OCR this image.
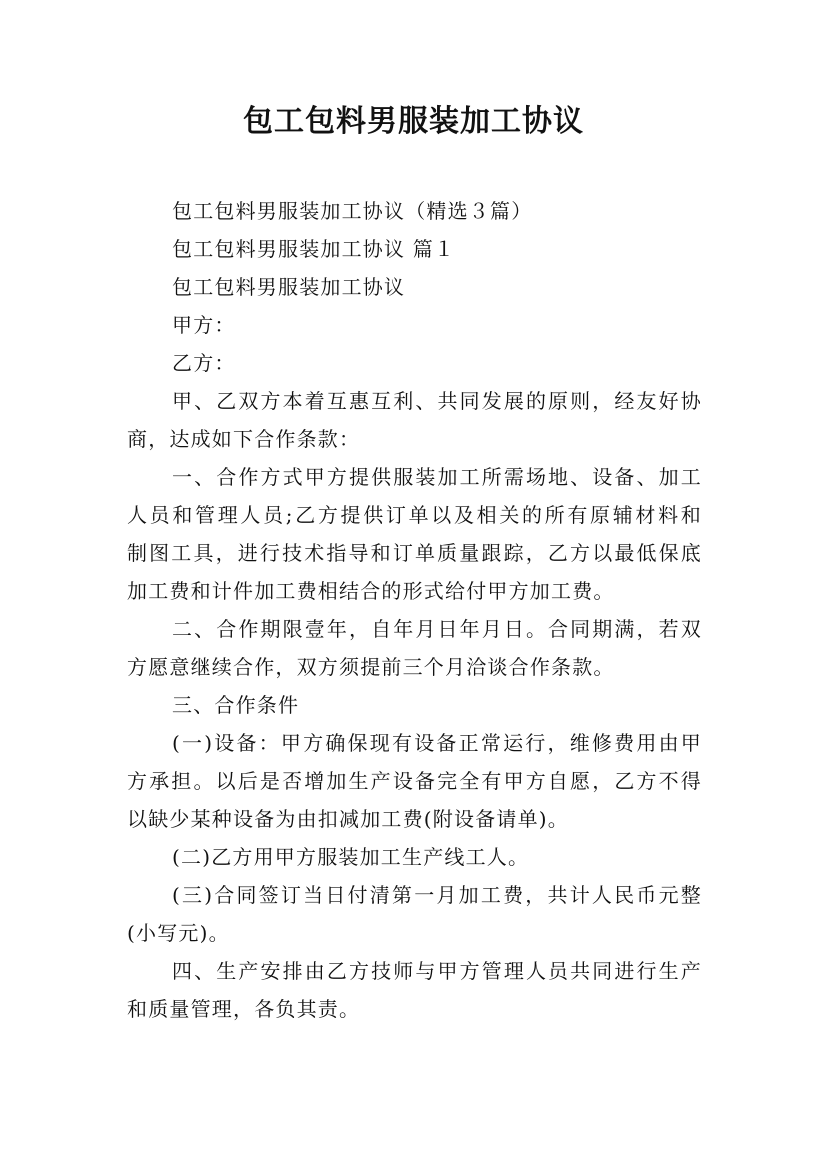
包工包料男服装加工协议

包工包料男服装加工协议（精选３篇）

包工包料男服装加工协议 篇１

包工包料男服装加工协议

甲方：

乙方：

甲、乙双方本着互惠互利、共同发展的原则，经友好协

商，达成如下合作条款：

一、合作方式甲方提供服装加工所需场地、设备、加工

人员和管理人员;乙方提供订单以及相关的所有原辅材料和

制图工具，进行技术指导和订单质量跟踪，乙方以最低保底

加工费和计件加工费相结合的形式给付甲方加工费。

二、合作期限壹年，自年月日年月日。合同期满，若双

方愿意继续合作，双方须提前三个月洽谈合作条款。

三、合作条件

(一)设备：甲方确保现有设备正常运行，维修费用由甲

方承担。以后是否增加生产设备完全有甲方自愿，乙方不得

以缺少某种设备为由扣减加工费(附设备请单)。

(二)乙方用甲方服装加工生产线工人。

(三)合同签订当日付清第一月加工费，共计人民币元整

(小写元)。

四、生产安排由乙方技师与甲方管理人员共同进行生产

和质量管理，各负其责。
